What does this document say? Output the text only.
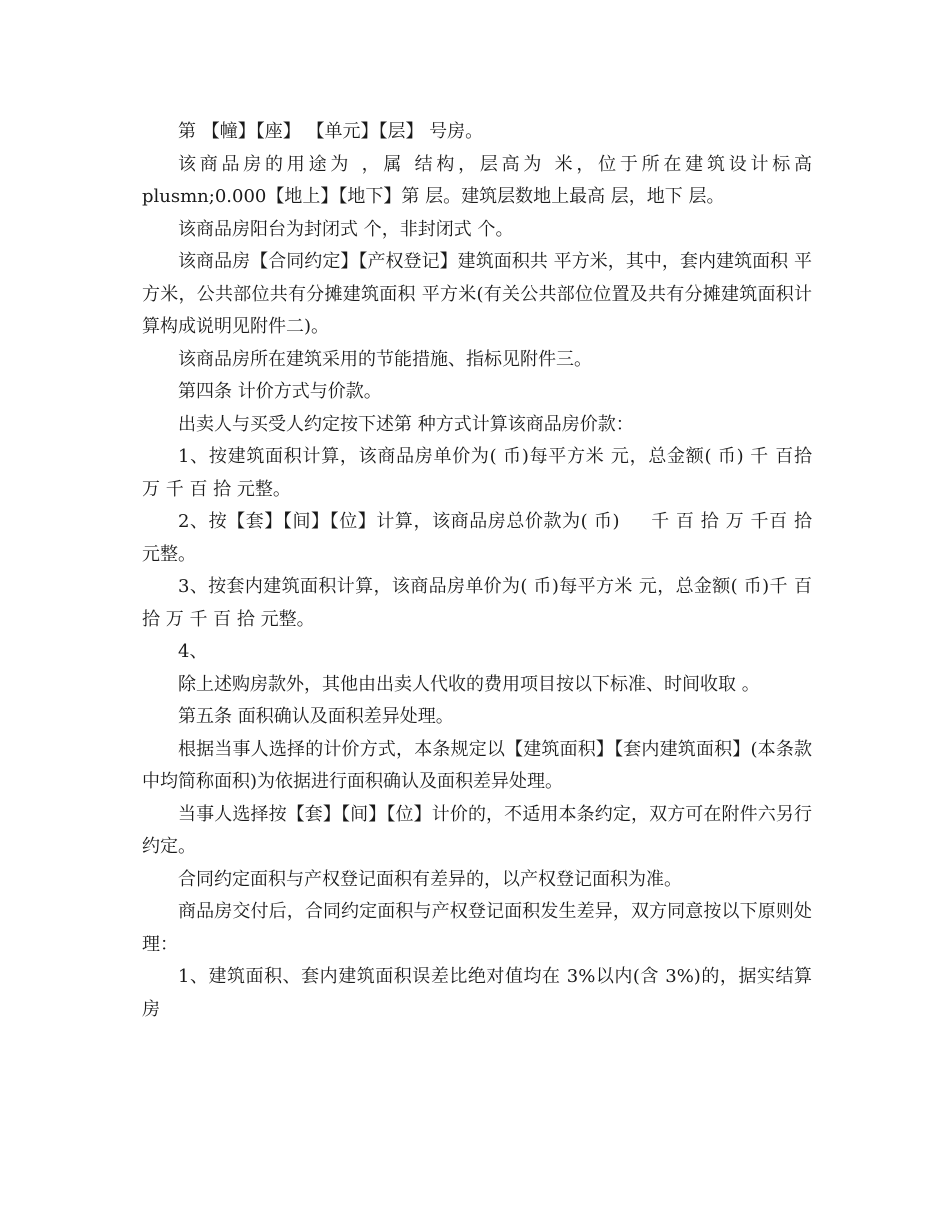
第 【幢】【座】 【单元】【层】 号房。

该商品房的用途为 ，属 结构，层高为 米，位于所在建筑设计标高plusmn;0.000【地上】【地下】第 层。建筑层数地上最高 层，地下 层。

该商品房阳台为封闭式 个，非封闭式 个。

该商品房【合同约定】【产权登记】建筑面积共 平方米，其中，套内建筑面积 平方米，公共部位共有分摊建筑面积 平方米(有关公共部位位置及共有分摊建筑面积计算构成说明见附件二)。

该商品房所在建筑采用的节能措施、指标见附件三。

第四条 计价方式与价款。

出卖人与买受人约定按下述第 种方式计算该商品房价款：

1、按建筑面积计算，该商品房单价为( 币)每平方米 元，总金额( 币) 千 百拾  万 千 百 拾 元整。

2、按【套】【间】【位】计算，该商品房总价款为( 币)     千 百 拾 万 千百 拾 元整。

3、按套内建筑面积计算，该商品房单价为( 币)每平方米 元，总金额( 币)千 百  拾 万 千 百 拾 元整。

4、

除上述购房款外，其他由出卖人代收的费用项目按以下标准、时间收取 。

第五条 面积确认及面积差异处理。

根据当事人选择的计价方式，本条规定以【建筑面积】【套内建筑面积】(本条款中均简称面积)为依据进行面积确认及面积差异处理。

当事人选择按【套】【间】【位】计价的，不适用本条约定，双方可在附件六另行约定。

合同约定面积与产权登记面积有差异的，以产权登记面积为准。

商品房交付后，合同约定面积与产权登记面积发生差异，双方同意按以下原则处理：

1、建筑面积、套内建筑面积误差比绝对值均在 3%以内(含 3%)的，据实结算房
